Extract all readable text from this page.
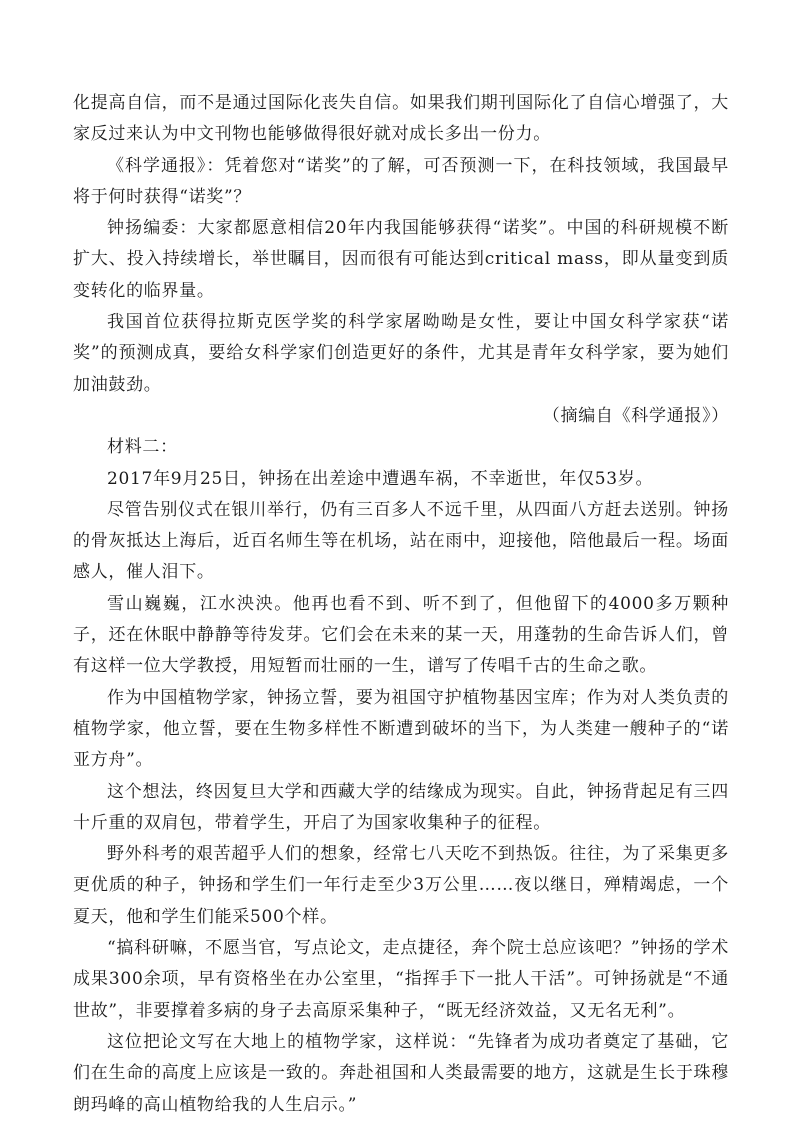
化提高自信，而不是通过国际化丧失自信。如果我们期刊国际化了自信心增强了，大家反过来认为中文刊物也能够做得很好就对成长多出一份力。

《科学通报》：凭着您对“诺奖”的了解，可否预测一下，在科技领域，我国最早将于何时获得“诺奖”？

钟扬编委：大家都愿意相信20年内我国能够获得“诺奖”。中国的科研规模不断扩大、投入持续增长，举世瞩目，因而很有可能达到critical mass，即从量变到质变转化的临界量。

我国首位获得拉斯克医学奖的科学家屠呦呦是女性，要让中国女科学家获“诺奖”的预测成真，要给女科学家们创造更好的条件，尤其是青年女科学家，要为她们加油鼓劲。

（摘编自《科学通报》）

材料二：

2017年9月25日，钟扬在出差途中遭遇车祸，不幸逝世，年仅53岁。

尽管告别仪式在银川举行，仍有三百多人不远千里，从四面八方赶去送别。钟扬的骨灰抵达上海后，近百名师生等在机场，站在雨中，迎接他，陪他最后一程。场面感人，催人泪下。

雪山巍巍，江水泱泱。他再也看不到、听不到了，但他留下的4000多万颗种子，还在休眠中静静等待发芽。它们会在未来的某一天，用蓬勃的生命告诉人们，曾有这样一位大学教授，用短暂而壮丽的一生，谱写了传唱千古的生命之歌。

作为中国植物学家，钟扬立誓，要为祖国守护植物基因宝库；作为对人类负责的植物学家，他立誓，要在生物多样性不断遭到破坏的当下，为人类建一艘种子的“诺亚方舟”。

这个想法，终因复旦大学和西藏大学的结缘成为现实。自此，钟扬背起足有三四十斤重的双肩包，带着学生，开启了为国家收集种子的征程。

野外科考的艰苦超乎人们的想象，经常七八天吃不到热饭。往往，为了采集更多更优质的种子，钟扬和学生们一年行走至少3万公里……夜以继日，殚精竭虑，一个夏天，他和学生们能采500个样。

“搞科研嘛，不愿当官，写点论文，走点捷径，奔个院士总应该吧？”钟扬的学术成果300余项，早有资格坐在办公室里，“指挥手下一批人干活”。可钟扬就是“不通世故”，非要撑着多病的身子去高原采集种子，“既无经济效益，又无名无利”。

这位把论文写在大地上的植物学家，这样说：“先锋者为成功者奠定了基础，它们在生命的高度上应该是一致的。奔赴祖国和人类最需要的地方，这就是生长于珠穆朗玛峰的高山植物给我的人生启示。”
